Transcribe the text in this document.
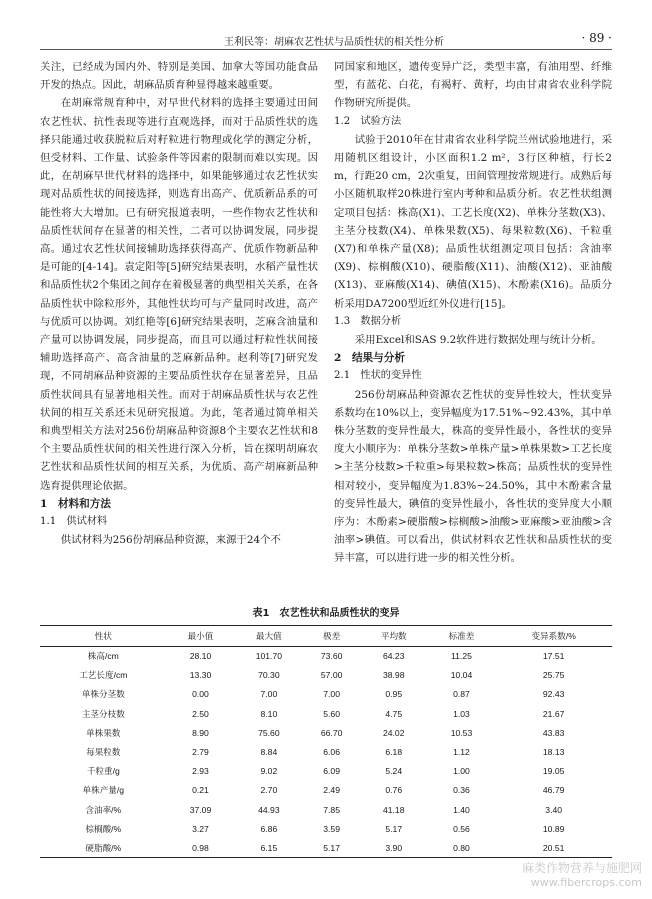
王利民等：胡麻农艺性状与品质性状的相关性分析	· 89 ·

关注，已经成为国内外、特别是美国、加拿大等国功能食品开发的热点。因此，胡麻品质育种显得越来越重要。

在胡麻常规育种中，对早世代材料的选择主要通过田间农艺性状、抗性表现等进行直观选择，而对于品质性状的选择只能通过收获脱粒后对籽粒进行物理或化学的测定分析，但受材料、工作量、试验条件等因素的限制而难以实现。因此，在胡麻早世代材料的选择中，如果能够通过农艺性状实现对品质性状的间接选择，则选育出高产、优质新品系的可能性将大大增加。已有研究报道表明，一些作物农艺性状和品质性状间存在显著的相关性，二者可以协调发展，同步提高。通过农艺性状间接辅助选择获得高产、优质作物新品种是可能的[4-14]。袁定阳等[5]研究结果表明，水稻产量性状和品质性状2个集团之间存在着极显著的典型相关关系，在各品质性状中除粒形外，其他性状均可与产量同时改进，高产与优质可以协调。刘红艳等[6]研究结果表明，芝麻含油量和产量可以协调发展，同步提高，而且可以通过籽粒性状间接辅助选择高产、高含油量的芝麻新品种。赵利等[7]研究发现，不同胡麻品种资源的主要品质性状存在显著差异，且品质性状间具有显著地相关性。而对于胡麻品质性状与农艺性状间的相互关系还未见研究报道。为此，笔者通过简单相关和典型相关方法对256份胡麻品种资源8个主要农艺性状和8个主要品质性状间的相关性进行深入分析，旨在探明胡麻农艺性状和品质性状间的相互关系，为优质、高产胡麻新品种选育提供理论依据。

1　材料和方法
1.1　供试材料

供试材料为256份胡麻品种资源，来源于24个不

同国家和地区，遗传变异广泛，类型丰富，有油用型、纤维型，有蓝花、白花，有褐籽、黄籽，均由甘肃省农业科学院作物研究所提供。

1.2　试验方法

试验于2010年在甘肃省农业科学院兰州试验地进行，采用随机区组设计，小区面积1.2 m²，3行区种植，行长2 m，行距20 cm，2次重复，田间管理按常规进行。成熟后每小区随机取样20株进行室内考种和品质分析。农艺性状组测定项目包括：株高(X1)、工艺长度(X2)、单株分茎数(X3)、主茎分枝数(X4)、单株果数(X5)、每果粒数(X6)、千粒重(X7)和单株产量(X8)；品质性状组测定项目包括：含油率(X9)、棕榈酸(X10)、硬脂酸(X11)、油酸(X12)、亚油酸(X13)、亚麻酸(X14)、碘值(X15)、木酚素(X16)。品质分析采用DA7200型近红外仪进行[15]。

1.3　数据分析

采用Excel和SAS 9.2软件进行数据处理与统计分析。

2　结果与分析
2.1　性状的变异性

256份胡麻品种资源农艺性状的变异性较大，性状变异系数均在10%以上，变异幅度为17.51%~92.43%，其中单株分茎数的变异性最大，株高的变异性最小，各性状的变异度大小顺序为：单株分茎数>单株产量>单株果数>工艺长度>主茎分枝数>千粒重>每果粒数>株高；品质性状的变异性相对较小，变异幅度为1.83%~24.50%，其中木酚素含量的变异性最大，碘值的变异性最小，各性状的变异度大小顺序为：木酚素>硬脂酸>棕榈酸>油酸>亚麻酸>亚油酸>含油率>碘值。可以看出，供试材料农艺性状和品质性状的变异丰富，可以进行进一步的相关性分析。

表1　农艺性状和品质性状的变异
性状	最小值	最大值	极差	平均数	标准差	变异系数/%
株高/cm	28.10	101.70	73.60	64.23	11.25	17.51
工艺长度/cm	13.30	70.30	57.00	38.98	10.04	25.75
单株分茎数	0.00	7.00	7.00	0.95	0.87	92.43
主茎分枝数	2.50	8.10	5.60	4.75	1.03	21.67
单株果数	8.90	75.60	66.70	24.02	10.53	43.83
每果粒数	2.79	8.84	6.06	6.18	1.12	18.13
千粒重/g	2.93	9.02	6.09	5.24	1.00	19.05
单株产量/g	0.21	2.70	2.49	0.76	0.36	46.79
含油率/%	37.09	44.93	7.85	41.18	1.40	3.40
棕榈酸/%	3.27	6.86	3.59	5.17	0.56	10.89
硬脂酸/%	0.98	6.15	5.17	3.90	0.80	20.51
麻类作物营养与施肥网
www.fibercrops.com
